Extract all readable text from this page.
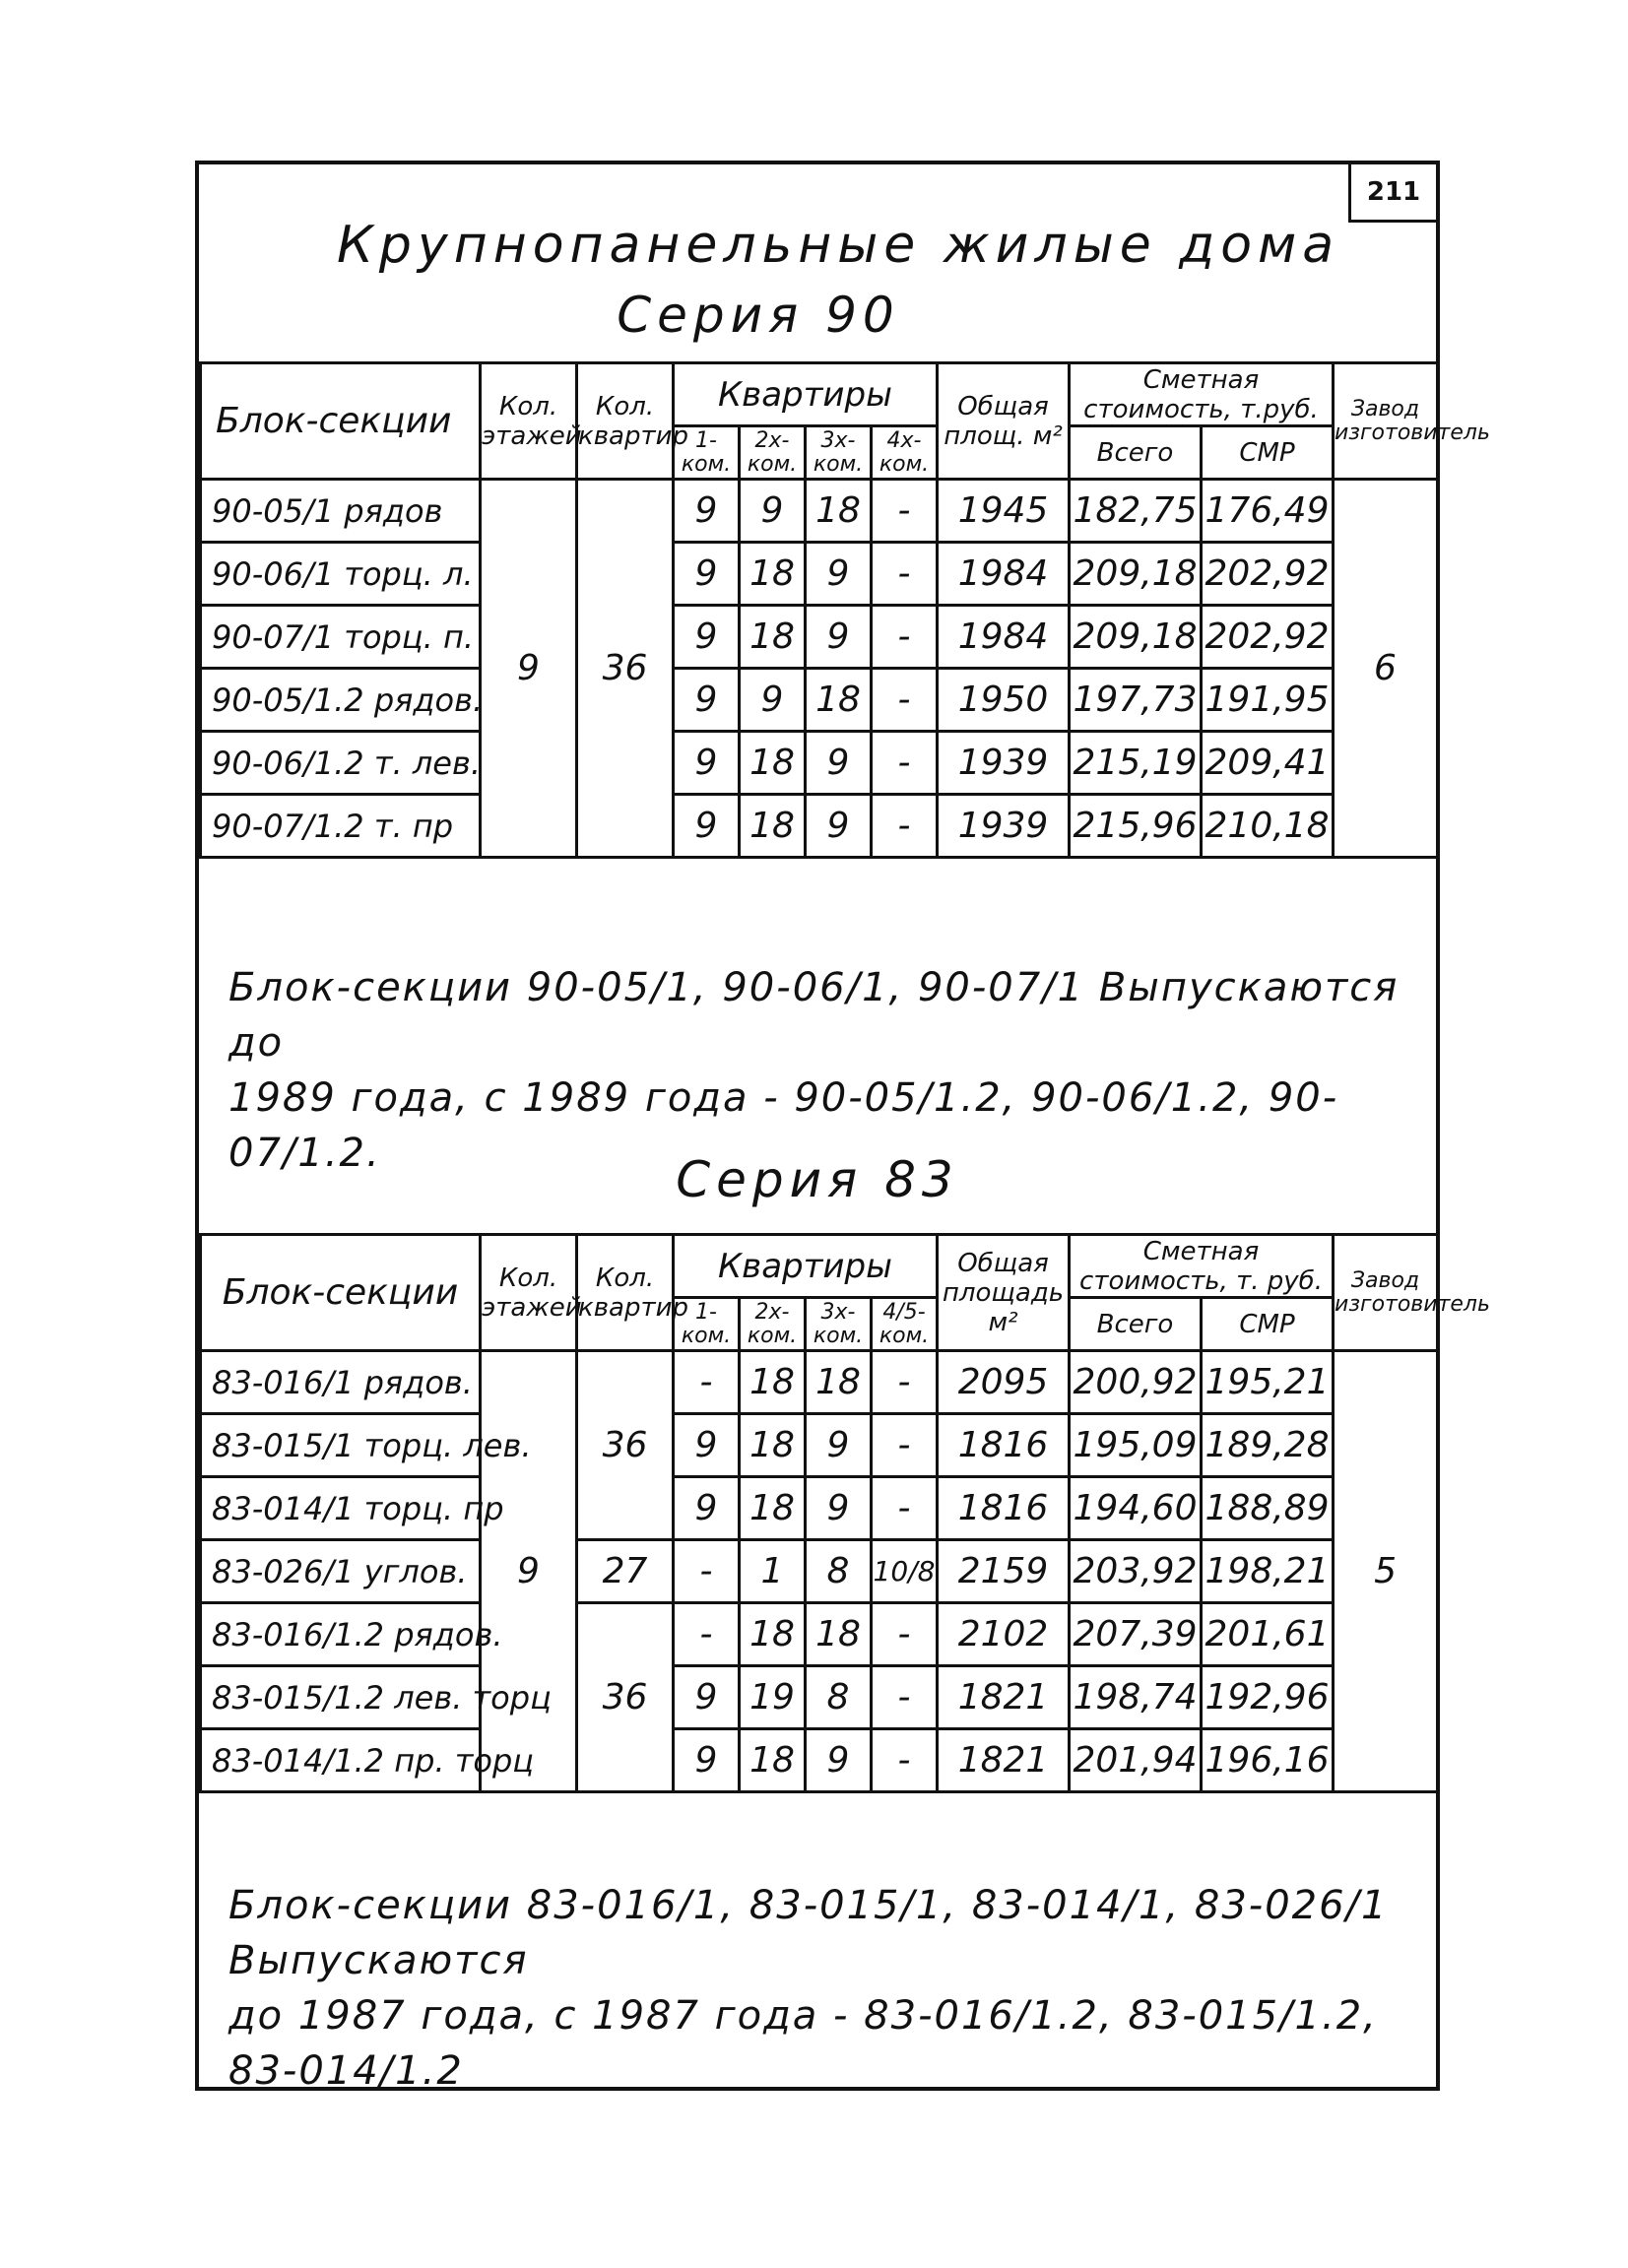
211
Крупнопанельные жилые дома
Серия 90
Блок-секции	Кол. этажей	Кол. квартир	Квартиры				Общая площ. м²	Сметная стоимость, т.руб.		Завод изготовитель
			1-ком.	2х-ком.	3х-ком.	4х-ком.		Всего	СМР	

90-05/1 рядов	9	36	9	9	18	-	1945	182,75	176,49	6
90-06/1 торц. л.			9	18	9	-	1984	209,18	202,92	
90-07/1 торц. п.			9	18	9	-	1984	209,18	202,92	
90-05/1.2 рядов.			9	9	18	-	1950	197,73	191,95	
90-06/1.2 т. лев.			9	18	9	-	1939	215,19	209,41	
90-07/1.2 т. пр			9	18	9	-	1939	215,96	210,18	
Блок-секции 90-05/1, 90-06/1, 90-07/1 Выпускаются до
1989 года, с 1989 года - 90-05/1.2, 90-06/1.2, 90-07/1.2.	Серия 83
Блок-секции	Кол. этажей	Кол. квартир	Квартиры				Общая площадь м²	Сметная стоимость, т. руб.		Завод изготовитель
			1-ком.	2х-ком.	3х-ком.	4/5-ком.		Всего	СМР	

83-016/1 рядов.	9	36	-	18	18	-	2095	200,92	195,21	5
83-015/1 торц. лев.			9	18	9	-	1816	195,09	189,28	
83-014/1 торц. пр			9	18	9	-	1816	194,60	188,89	
83-026/1 углов.		27	-	1	8	10/8	2159	203,92	198,21	
83-016/1.2 рядов.		36	-	18	18	-	2102	207,39	201,61	
83-015/1.2 лев. торц			9	19	8	-	1821	198,74	192,96	
83-014/1.2 пр. торц			9	18	9	-	1821	201,94	196,16	
Блок-секции 83-016/1, 83-015/1, 83-014/1, 83-026/1 Выпускаются
до 1987 года, с 1987 года - 83-016/1.2, 83-015/1.2, 83-014/1.2
